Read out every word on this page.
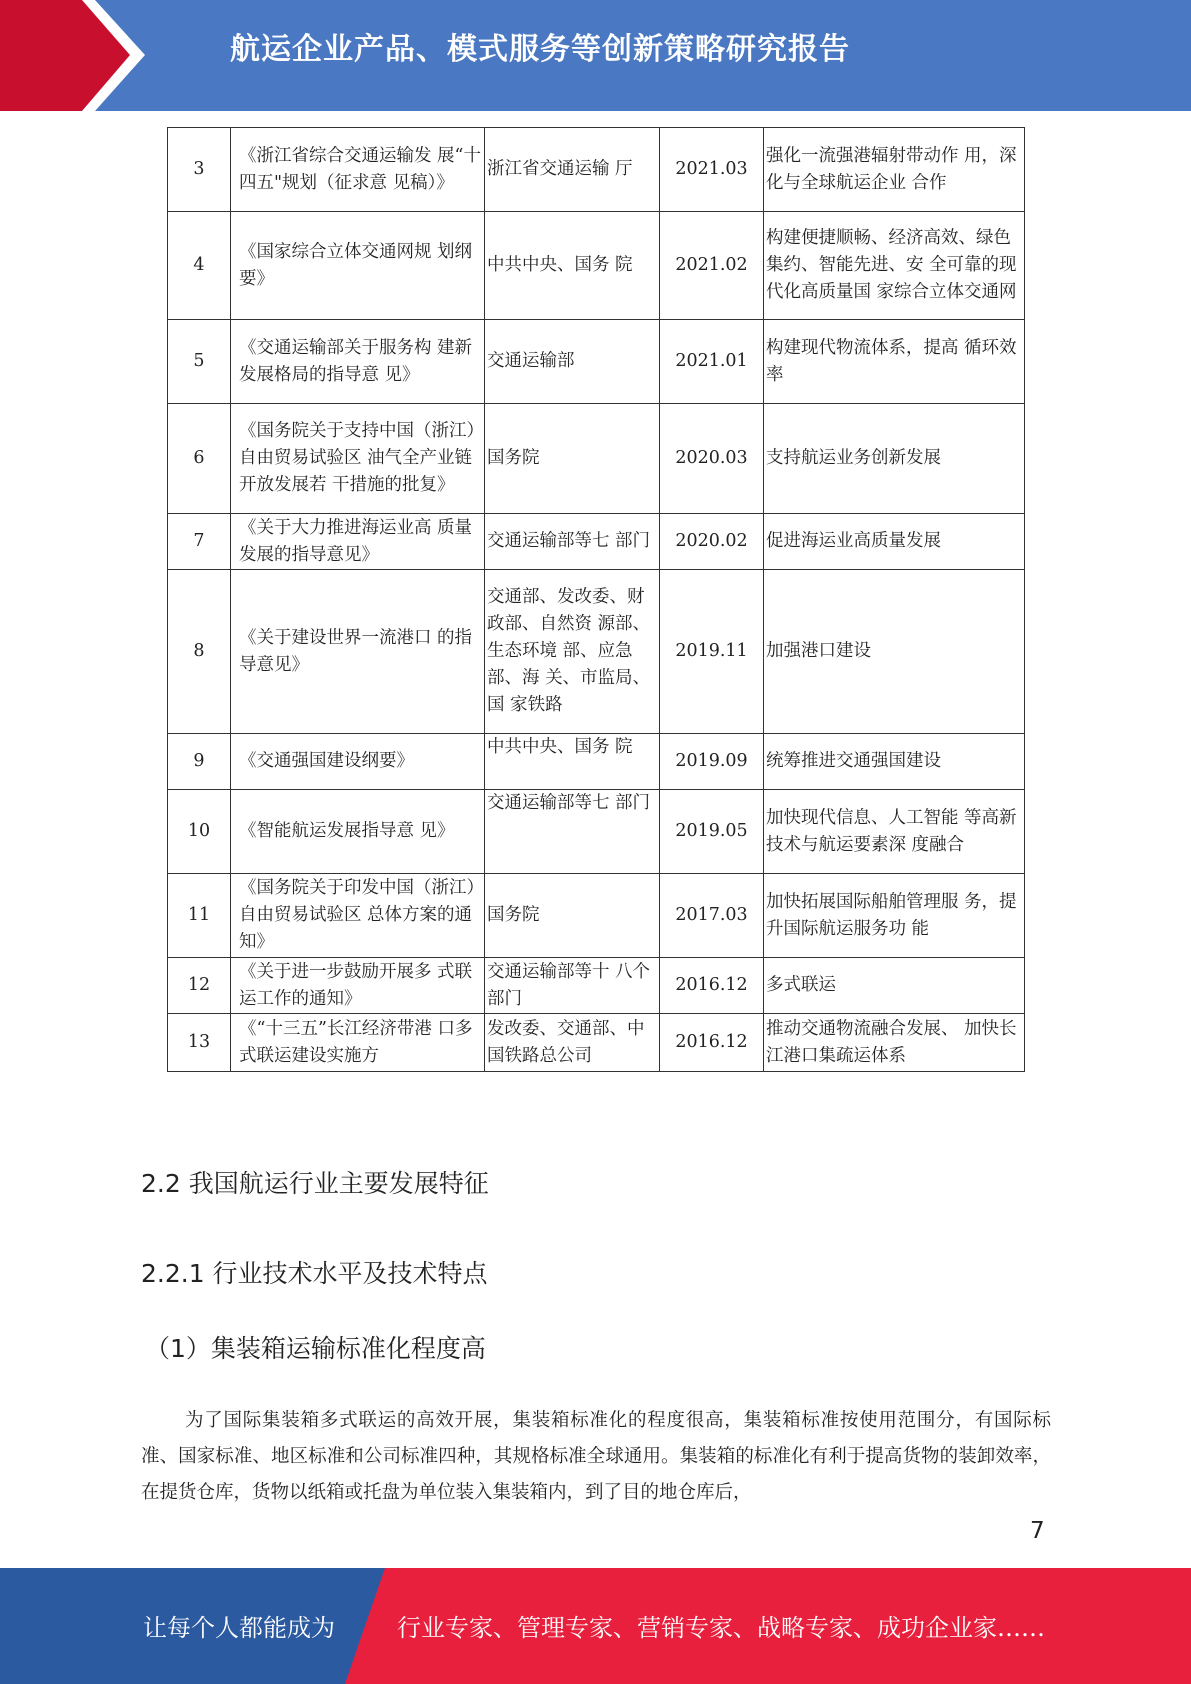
航运企业产品、模式服务等创新策略研究报告
3	《浙江省综合交通运输发 展“十四五"规划（征求意 见稿）》	浙江省交通运输 厅	2021.03	强化一流强港辐射带动作 用，深化与全球航运企业 合作
4	《国家综合立体交通网规 划纲要》	中共中央、国务 院	2021.02	构建便捷顺畅、经济高效、绿色集约、智能先进、安 全可靠的现代化高质量国 家综合立体交通网
5	《交通运输部关于服务构 建新发展格局的指导意 见》	交通运输部	2021.01	构建现代物流体系，提高 循环效率
6	《国务院关于支持中国（浙江）自由贸易试验区 油气全产业链开放发展若 干措施的批复》	国务院	2020.03	支持航运业务创新发展
7	《关于大力推进海运业高 质量发展的指导意见》	交通运输部等七 部门	2020.02	促进海运业高质量发展
8	《关于建设世界一流港口 的指导意见》	交通部、发改委、财政部、自然资 源部、生态环境 部、应急部、海 关、市监局、国 家铁路	2019.11	加强港口建设
9	《交通强国建设纲要》	中共中央、国务 院	2019.09	统筹推进交通强国建设
10	《智能航运发展指导意 见》	交通运输部等七 部门	2019.05	加快现代信息、人工智能 等高新技术与航运要素深 度融合
11	《国务院关于印发中国（浙江）自由贸易试验区 总体方案的通知》	国务院	2017.03	加快拓展国际船舶管理服 务，提升国际航运服务功 能
12	《关于进一步鼓励开展多 式联运工作的通知》	交通运输部等十 八个部门	2016.12	多式联运
13	《“十三五”长江经济带港 口多式联运建设实施方	发改委、交通部、中国铁路总公司	2016.12	推动交通物流融合发展、 加快长江港口集疏运体系
2.2 我国航运行业主要发展特征
2.2.1 行业技术水平及技术特点
（1）集装箱运输标准化程度高
为了国际集装箱多式联运的高效开展，集装箱标准化的程度很高，集装箱标准按使用范围分，有国际标准、国家标准、地区标准和公司标准四种，其规格标准全球通用。集装箱的标准化有利于提高货物的装卸效率，在提货仓库，货物以纸箱或托盘为单位装入集装箱内，到了目的地仓库后，
7
让每个人都能成为	行业专家、管理专家、营销专家、战略专家、成功企业家……
